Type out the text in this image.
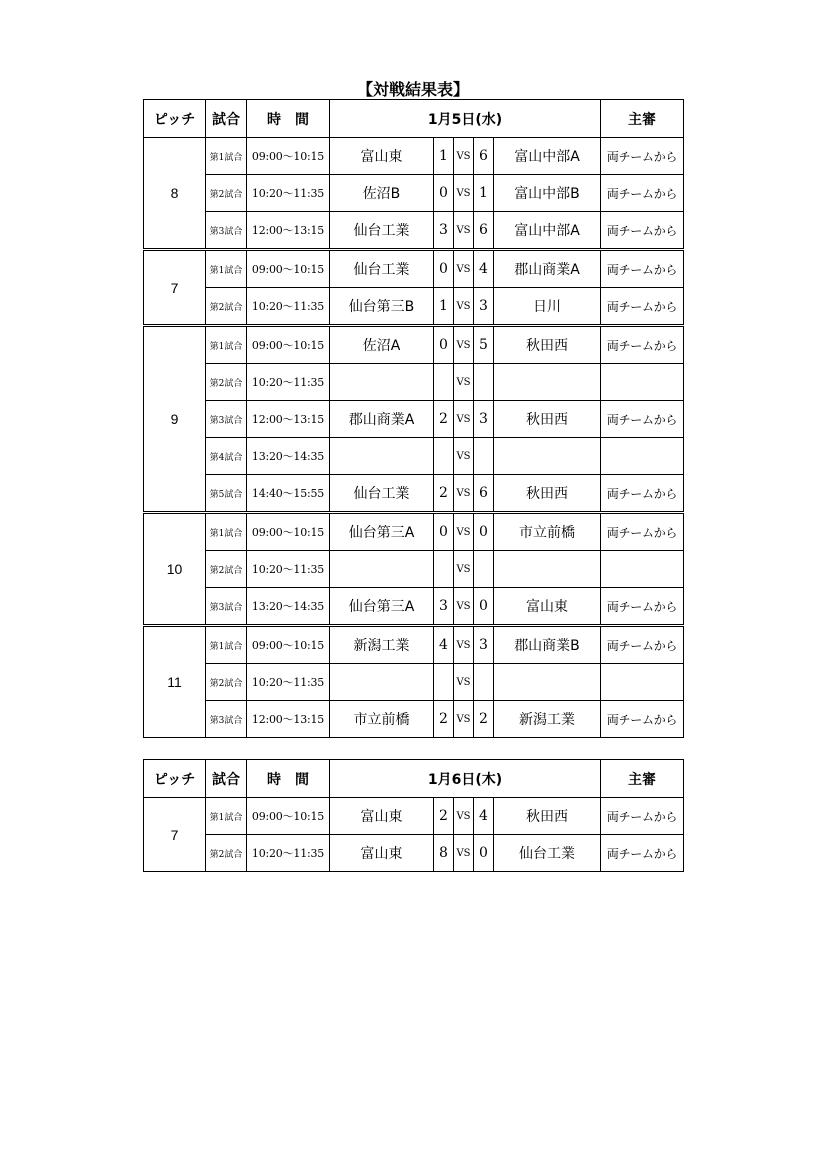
【対戦結果表】
ピッチ	試合	時　間	1月5日(水)					主審
8	第1試合	09:00～10:15	富山東	1	VS	6	富山中部A	両チームから
	第2試合	10:20～11:35	佐沼B	0	VS	1	富山中部B	両チームから
	第3試合	12:00～13:15	仙台工業	3	VS	6	富山中部A	両チームから
7	第1試合	09:00～10:15	仙台工業	0	VS	4	郡山商業A	両チームから
	第2試合	10:20～11:35	仙台第三B	1	VS	3	日川	両チームから
9	第1試合	09:00～10:15	佐沼A	0	VS	5	秋田西	両チームから
	第2試合	10:20～11:35			VS			
	第3試合	12:00～13:15	郡山商業A	2	VS	3	秋田西	両チームから
	第4試合	13:20～14:35			VS			
	第5試合	14:40～15:55	仙台工業	2	VS	6	秋田西	両チームから
10	第1試合	09:00～10:15	仙台第三A	0	VS	0	市立前橋	両チームから
	第2試合	10:20～11:35			VS			
	第3試合	13:20～14:35	仙台第三A	3	VS	0	富山東	両チームから
11	第1試合	09:00～10:15	新潟工業	4	VS	3	郡山商業B	両チームから
	第2試合	10:20～11:35			VS			
	第3試合	12:00～13:15	市立前橋	2	VS	2	新潟工業	両チームから
ピッチ	試合	時　間	1月6日(木)					主審
7	第1試合	09:00～10:15	富山東	2	VS	4	秋田西	両チームから
	第2試合	10:20～11:35	富山東	8	VS	0	仙台工業	両チームから
